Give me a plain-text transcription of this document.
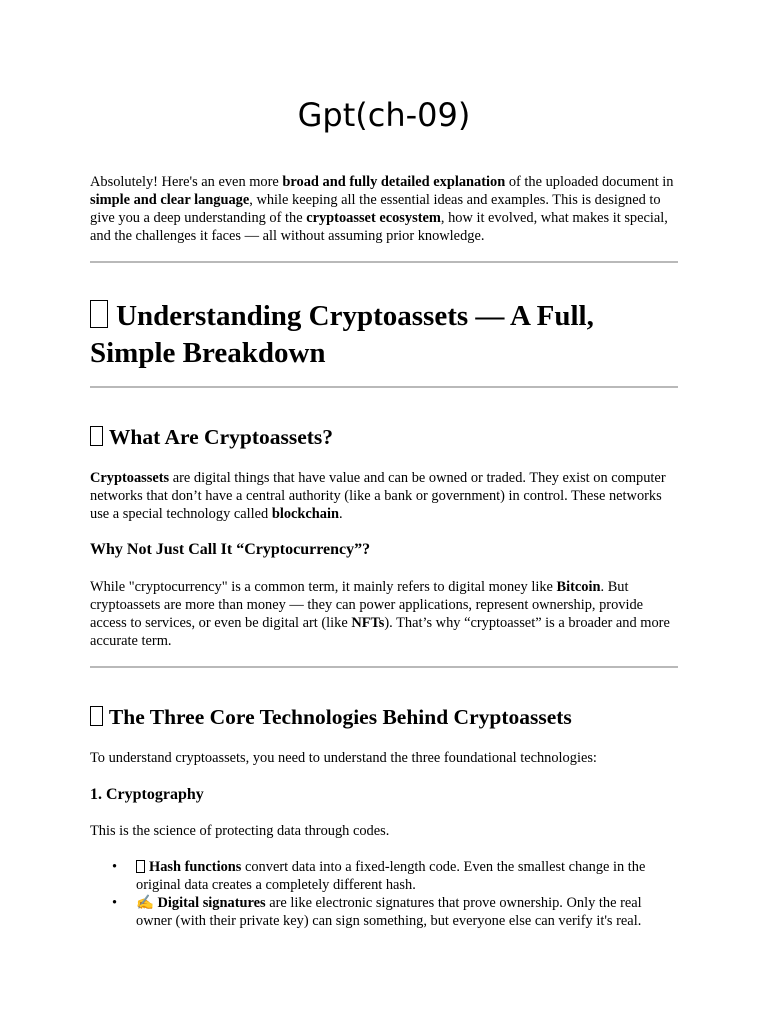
Gpt(ch-09)

Absolutely! Here's an even more broad and fully detailed explanation of the uploaded document in simple and clear language, while keeping all the essential ideas and examples. This is designed to give you a deep understanding of the cryptoasset ecosystem, how it evolved, what makes it special, and the challenges it faces — all without assuming prior knowledge.

Understanding Cryptoassets — A Full, Simple Breakdown
What Are Cryptoassets?

Cryptoassets are digital things that have value and can be owned or traded. They exist on computer networks that don’t have a central authority (like a bank or government) in control. These networks use a special technology called blockchain.

Why Not Just Call It “Cryptocurrency”?

While "cryptocurrency" is a common term, it mainly refers to digital money like Bitcoin. But cryptoassets are more than money — they can power applications, represent ownership, provide access to services, or even be digital art (like NFTs). That’s why “cryptoasset” is a broader and more accurate term.

The Three Core Technologies Behind Cryptoassets

To understand cryptoassets, you need to understand the three foundational technologies:

1. Cryptography

This is the science of protecting data through codes.

• Hash functions convert data into a fixed-length code. Even the smallest change in the original data creates a completely different hash.
• ✍ Digital signatures are like electronic signatures that prove ownership. Only the real owner (with their private key) can sign something, but everyone else can verify it's real.
